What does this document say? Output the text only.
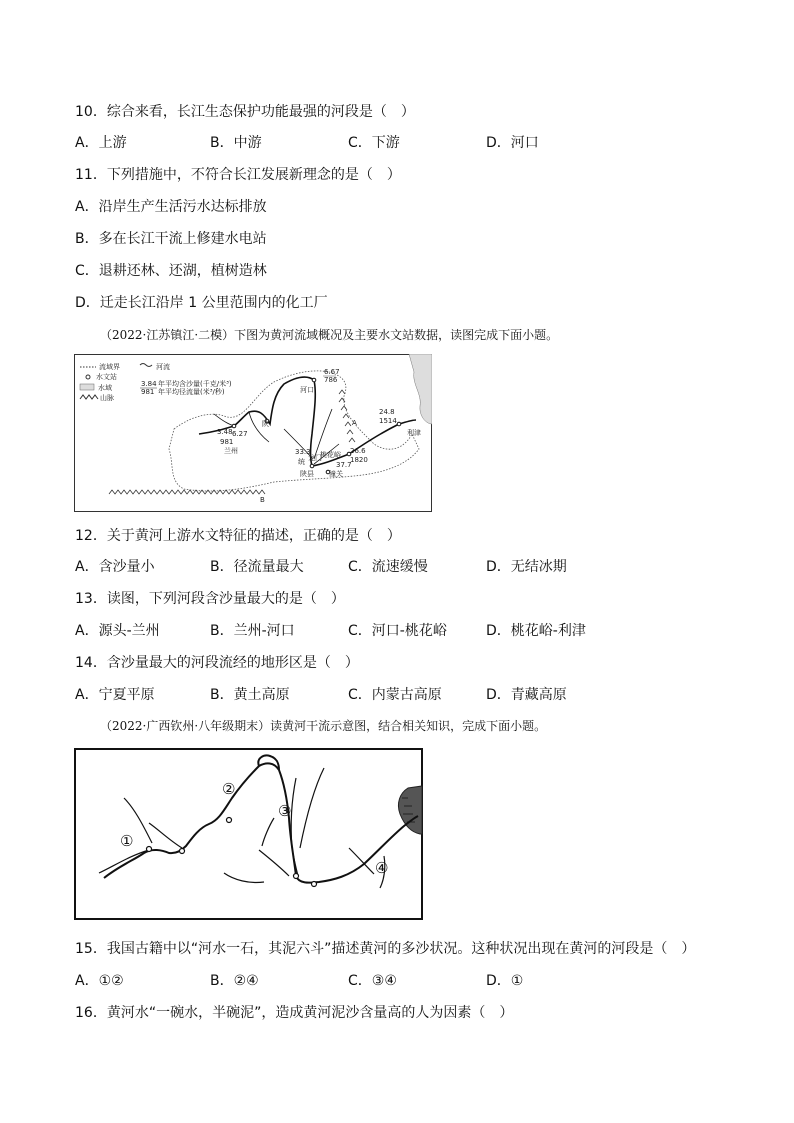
10．综合来看，长江生态保护功能最强的河段是（　）
A．上游	B．中游	C．下游	D．河口
11．下列措施中，不符合长江发展新理念的是（　）
A．沿岸生产生活污水达标排放
B．多在长江干流上修建水电站
C．退耕还林、还湖，植树造林
D．迁走长江沿岸 1 公里范围内的化工厂
（2022·江苏镇江·二模）下图为黄河流域概况及主要水文站数据，读图完成下面小题。
流域界	河流
水文站
水域
山脉
3.84
981
年平均含沙量(千克/米³)
年平均径流量(米³/秒)
6.67
786
河口
6.27
陕
3.48
981
兰州	33.3
统 龙门
桃花峪 26.6
1820
陕县
37.7
潼关
24.8
1514
利津
A
B
12．关于黄河上游水文特征的描述，正确的是（　）
A．含沙量小	B．径流量最大	C．流速缓慢	D．无结冰期
13．读图，下列河段含沙量最大的是（　）
A．源头-兰州	B．兰州-河口	C．河口-桃花峪	D．桃花峪-利津
14．含沙量最大的河段流经的地形区是（　）
A．宁夏平原	B．黄土高原	C．内蒙古高原	D．青藏高原
（2022·广西钦州·八年级期末）读黄河干流示意图，结合相关知识，完成下面小题。
①
②
③
④
15．我国古籍中以“河水一石，其泥六斗”描述黄河的多沙状况。这种状况出现在黄河的河段是（　）
A．①②	B．②④	C．③④	D．①
16．黄河水“一碗水，半碗泥”，造成黄河泥沙含量高的人为因素（　）
